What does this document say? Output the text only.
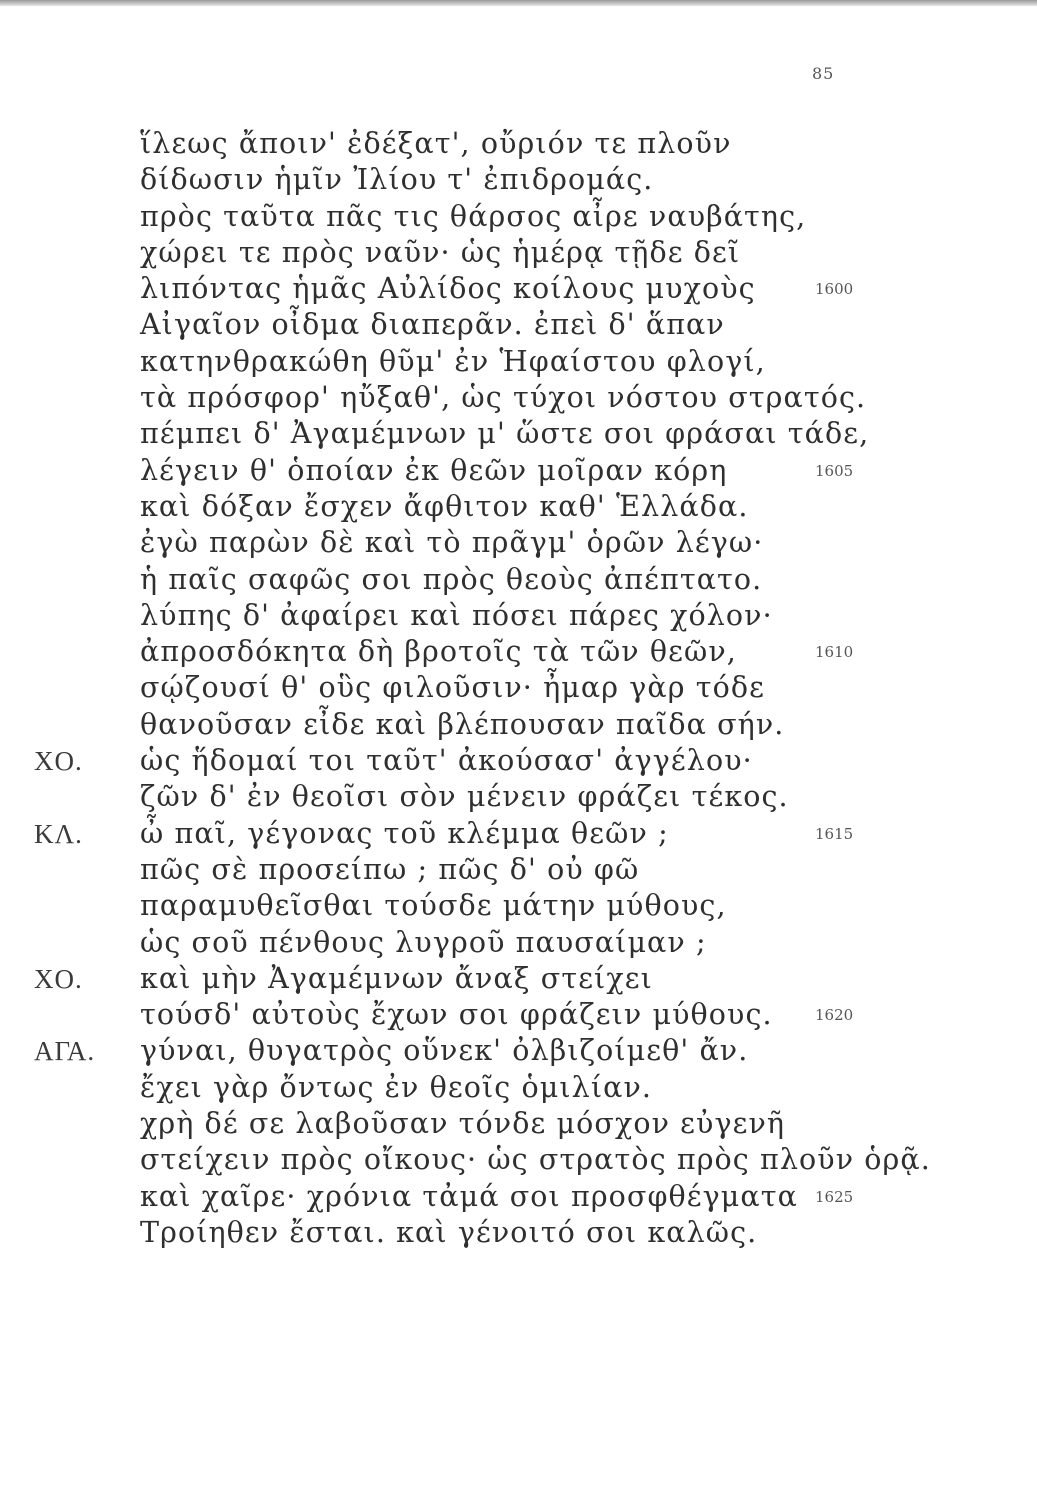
85
ἵλεως ἄποιν' ἐδέξατ', οὔριόν τε πλοῦν
δίδωσιν ἡμῖν Ἰλίου τ' ἐπιδρομάς.
πρὸς ταῦτα πᾶς τις θάρσος αἶρε ναυβάτης,
χώρει τε πρὸς ναῦν· ὡς ἡμέρᾳ τῇδε δεῖ
λιπόντας ἡμᾶς Αὐλίδος κοίλους μυχοὺς	1600
Αἰγαῖον οἶδμα διαπερᾶν. ἐπεὶ δ' ἅπαν
κατηνθρακώθη θῦμ' ἐν Ἡφαίστου φλογί,
τὰ πρόσφορ' ηὔξαθ', ὡς τύχοι νόστου στρατός.
πέμπει δ' Ἀγαμέμνων μ' ὥστε σοι φράσαι τάδε,
λέγειν θ' ὁποίαν ἐκ θεῶν μοῖραν κόρη	1605
καὶ δόξαν ἔσχεν ἄφθιτον καθ' Ἑλλάδα.
ἐγὼ παρὼν δὲ καὶ τὸ πρᾶγμ' ὁρῶν λέγω·
ἡ παῖς σαφῶς σοι πρὸς θεοὺς ἀπέπτατο.
λύπης δ' ἀφαίρει καὶ πόσει πάρες χόλον·
ἀπροσδόκητα δὴ βροτοῖς τὰ τῶν θεῶν,	1610
σῴζουσί θ' οὓς φιλοῦσιν· ἦμαρ γὰρ τόδε
θανοῦσαν εἶδε καὶ βλέπουσαν παῖδα σήν.
ΧΟ. ὡς ἥδομαί τοι ταῦτ' ἀκούσασ' ἀγγέλου·
ζῶν δ' ἐν θεοῖσι σὸν μένειν φράζει τέκος.
ΚΛ. ὦ παῖ, γέγονας τοῦ κλέμμα θεῶν ;	1615
πῶς σὲ προσείπω ; πῶς δ' οὐ φῶ
παραμυθεῖσθαι τούσδε μάτην μύθους,
ὡς σοῦ πένθους λυγροῦ παυσαίμαν ;
ΧΟ. καὶ μὴν Ἀγαμέμνων ἄναξ στείχει
τούσδ' αὐτοὺς ἔχων σοι φράζειν μύθους.	1620
ΑΓΑ. γύναι, θυγατρὸς οὕνεκ' ὀλβιζοίμεθ' ἄν.
ἔχει γὰρ ὄντως ἐν θεοῖς ὁμιλίαν.
χρὴ δέ σε λαβοῦσαν τόνδε μόσχον εὐγενῆ
στείχειν πρὸς οἴκους· ὡς στρατὸς πρὸς πλοῦν ὁρᾷ.
καὶ χαῖρε· χρόνια τἀμά σοι προσφθέγματα 1625
Τροίηθεν ἔσται. καὶ γένοιτό σοι καλῶς.
